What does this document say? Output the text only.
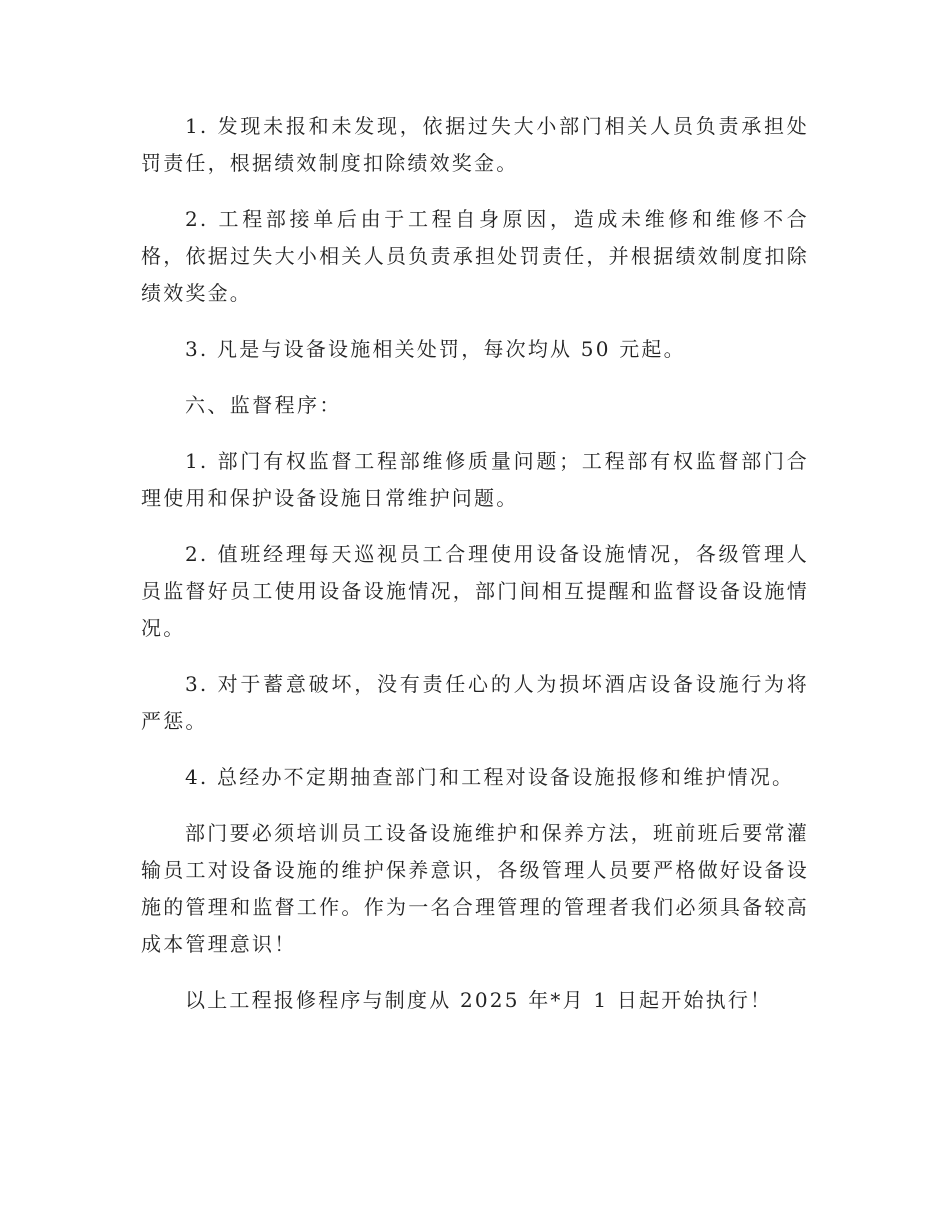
1. 发现未报和未发现，依据过失大小部门相关人员负责承担处罚责任，根据绩效制度扣除绩效奖金。

2. 工程部接单后由于工程自身原因，造成未维修和维修不合格，依据过失大小相关人员负责承担处罚责任，并根据绩效制度扣除绩效奖金。

3. 凡是与设备设施相关处罚，每次均从 50 元起。

六、监督程序：

1. 部门有权监督工程部维修质量问题；工程部有权监督部门合理使用和保护设备设施日常维护问题。

2. 值班经理每天巡视员工合理使用设备设施情况，各级管理人员监督好员工使用设备设施情况，部门间相互提醒和监督设备设施情况。

3. 对于蓄意破坏，没有责任心的人为损坏酒店设备设施行为将严惩。

4. 总经办不定期抽查部门和工程对设备设施报修和维护情况。

部门要必须培训员工设备设施维护和保养方法，班前班后要常灌输员工对设备设施的维护保养意识，各级管理人员要严格做好设备设施的管理和监督工作。作为一名合理管理的管理者我们必须具备较高成本管理意识！

以上工程报修程序与制度从 2025 年*月 1 日起开始执行！
